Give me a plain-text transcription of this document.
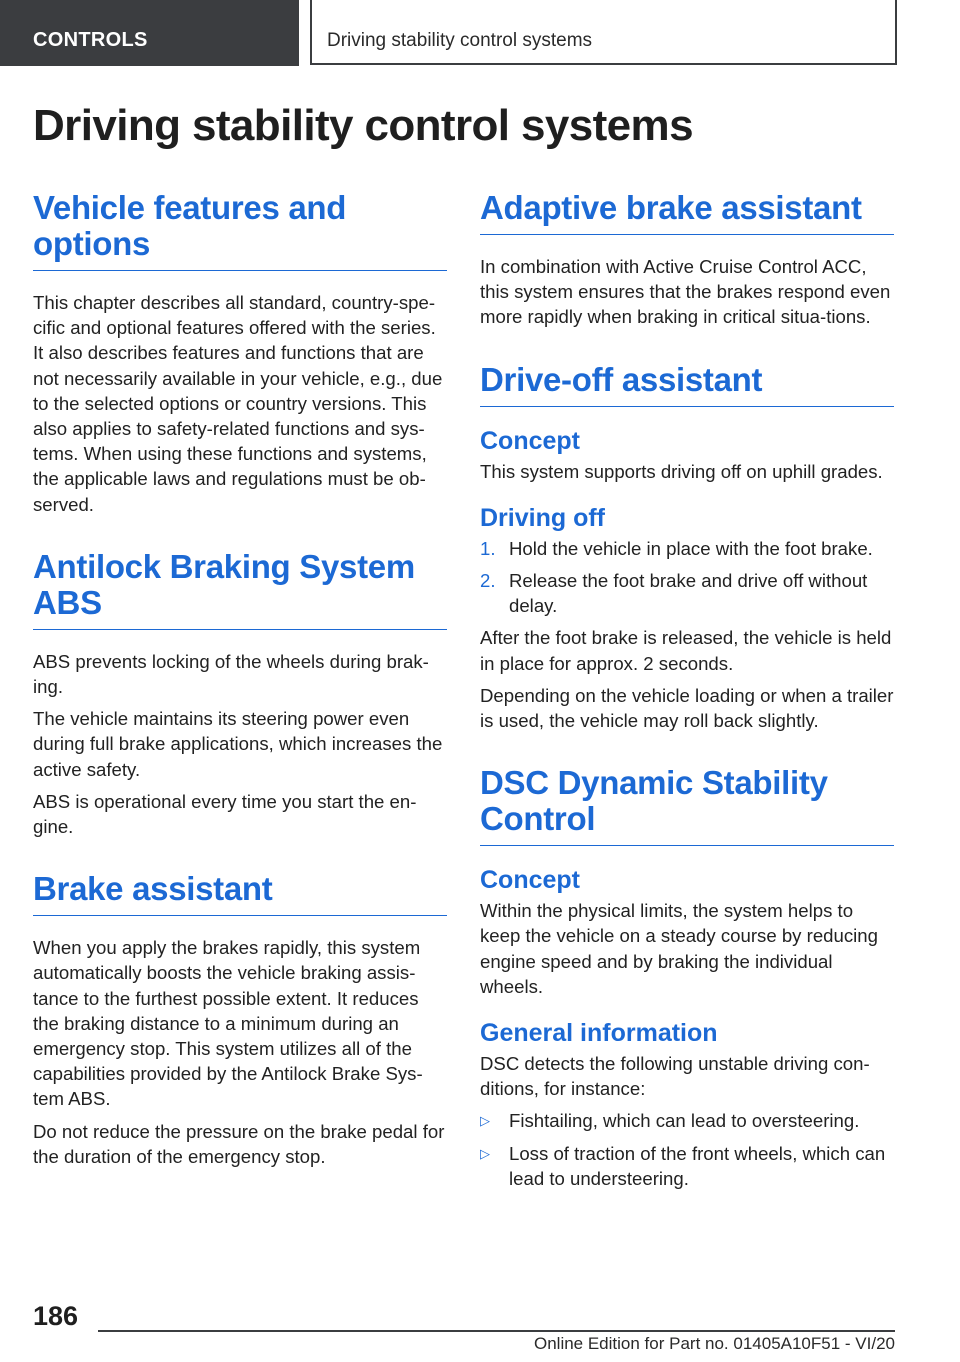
CONTROLS	Driving stability control systems
Driving stability control systems
Vehicle features and options

This chapter describes all standard, country-spe‐cific and optional features offered with the series. It also describes features and functions that are not necessarily available in your vehicle, e.g., due to the selected options or country versions. This also applies to safety-related functions and sys‐tems. When using these functions and systems, the applicable laws and regulations must be ob‐served.

Antilock Braking System ABS

ABS prevents locking of the wheels during brak‐ing.

The vehicle maintains its steering power even during full brake applications, which increases the active safety.

ABS is operational every time you start the en‐gine.

Brake assistant

When you apply the brakes rapidly, this system automatically boosts the vehicle braking assis‐tance to the furthest possible extent. It reduces the braking distance to a minimum during an emergency stop. This system utilizes all of the capabilities provided by the Antilock Brake Sys‐tem ABS.

Do not reduce the pressure on the brake pedal for the duration of the emergency stop.

Adaptive brake assistant

In combination with Active Cruise Control ACC, this system ensures that the brakes respond even more rapidly when braking in critical situa‐tions.

Drive-off assistant
Concept

This system supports driving off on uphill grades.

Driving off
1. Hold the vehicle in place with the foot brake.
2. Release the foot brake and drive off without delay.

After the foot brake is released, the vehicle is held in place for approx. 2 seconds.

Depending on the vehicle loading or when a trailer is used, the vehicle may roll back slightly.

DSC Dynamic Stability Control
Concept

Within the physical limits, the system helps to keep the vehicle on a steady course by reducing engine speed and by braking the individual wheels.

General information

DSC detects the following unstable driving con‐ditions, for instance:

▷ Fishtailing, which can lead to oversteering.
▷ Loss of traction of the front wheels, which can lead to understeering.
186
Online Edition for Part no. 01405A10F51 - VI/20
